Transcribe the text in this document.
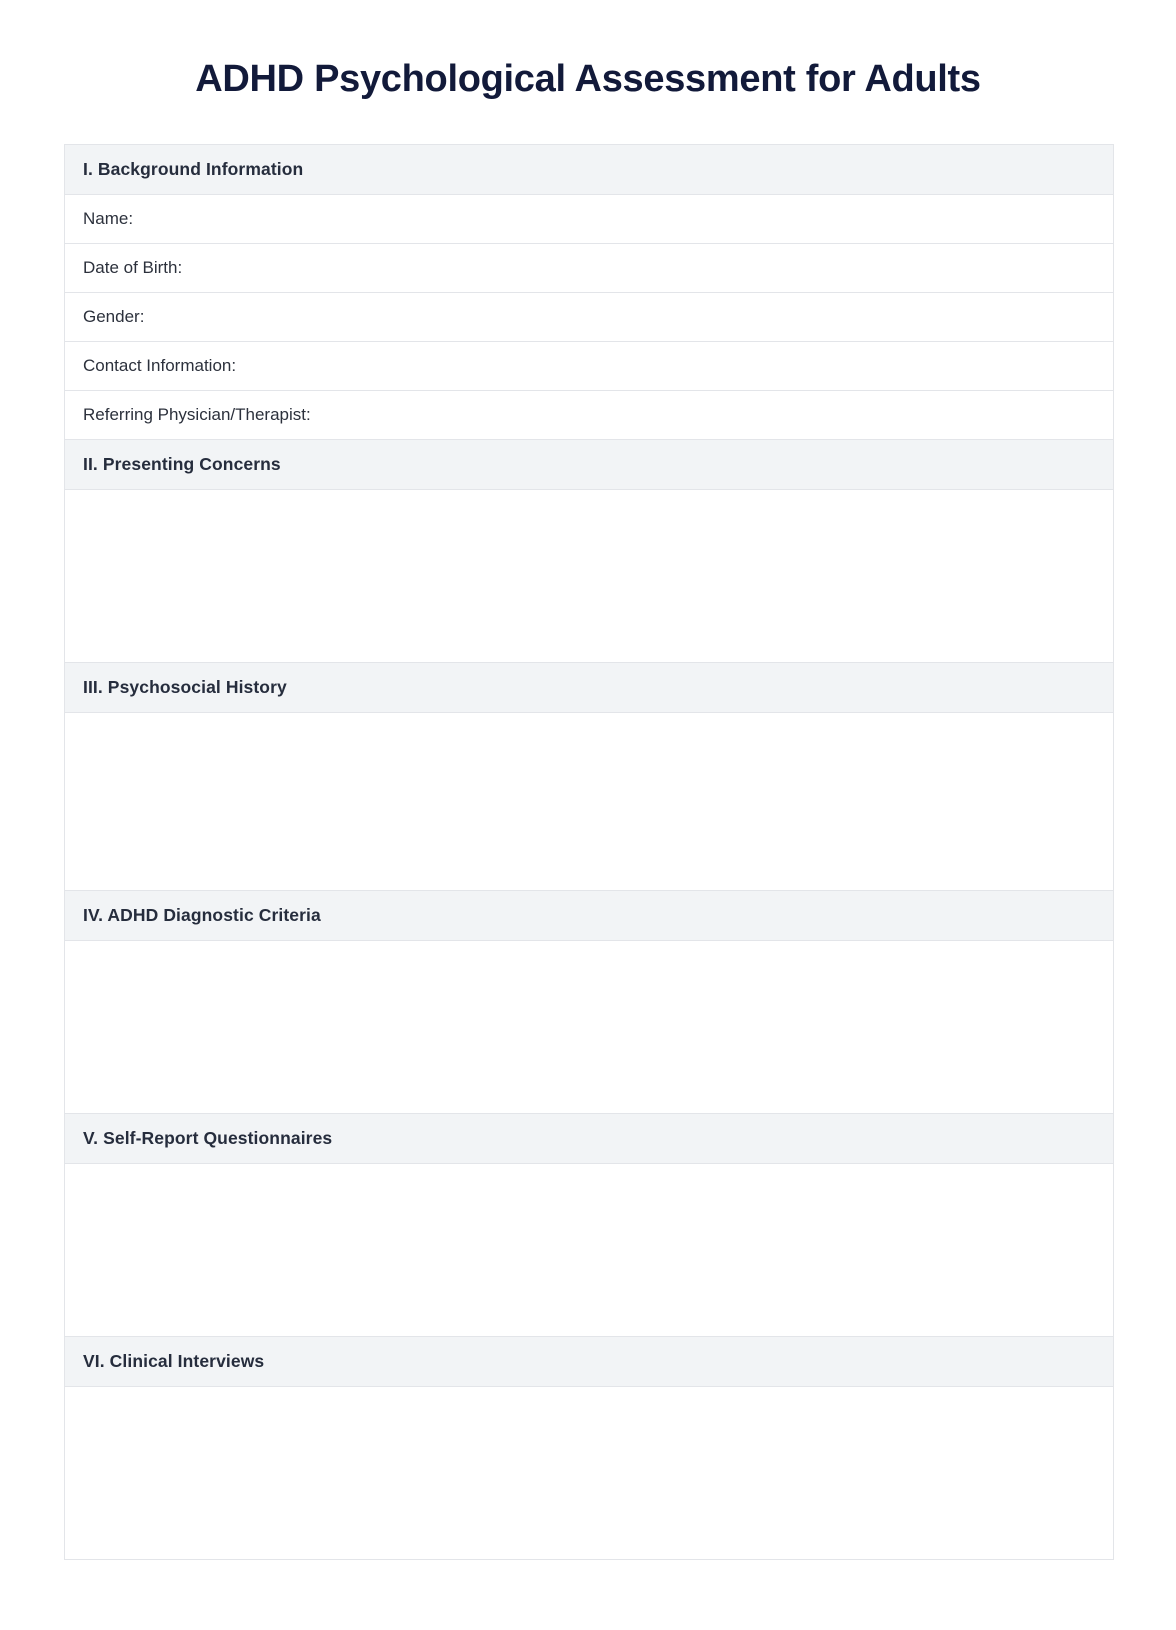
ADHD Psychological Assessment for Adults
I. Background Information
Name:
Date of Birth:
Gender:
Contact Information:
Referring Physician/Therapist:
II. Presenting Concerns
III. Psychosocial History
IV. ADHD Diagnostic Criteria
V. Self-Report Questionnaires
VI. Clinical Interviews
